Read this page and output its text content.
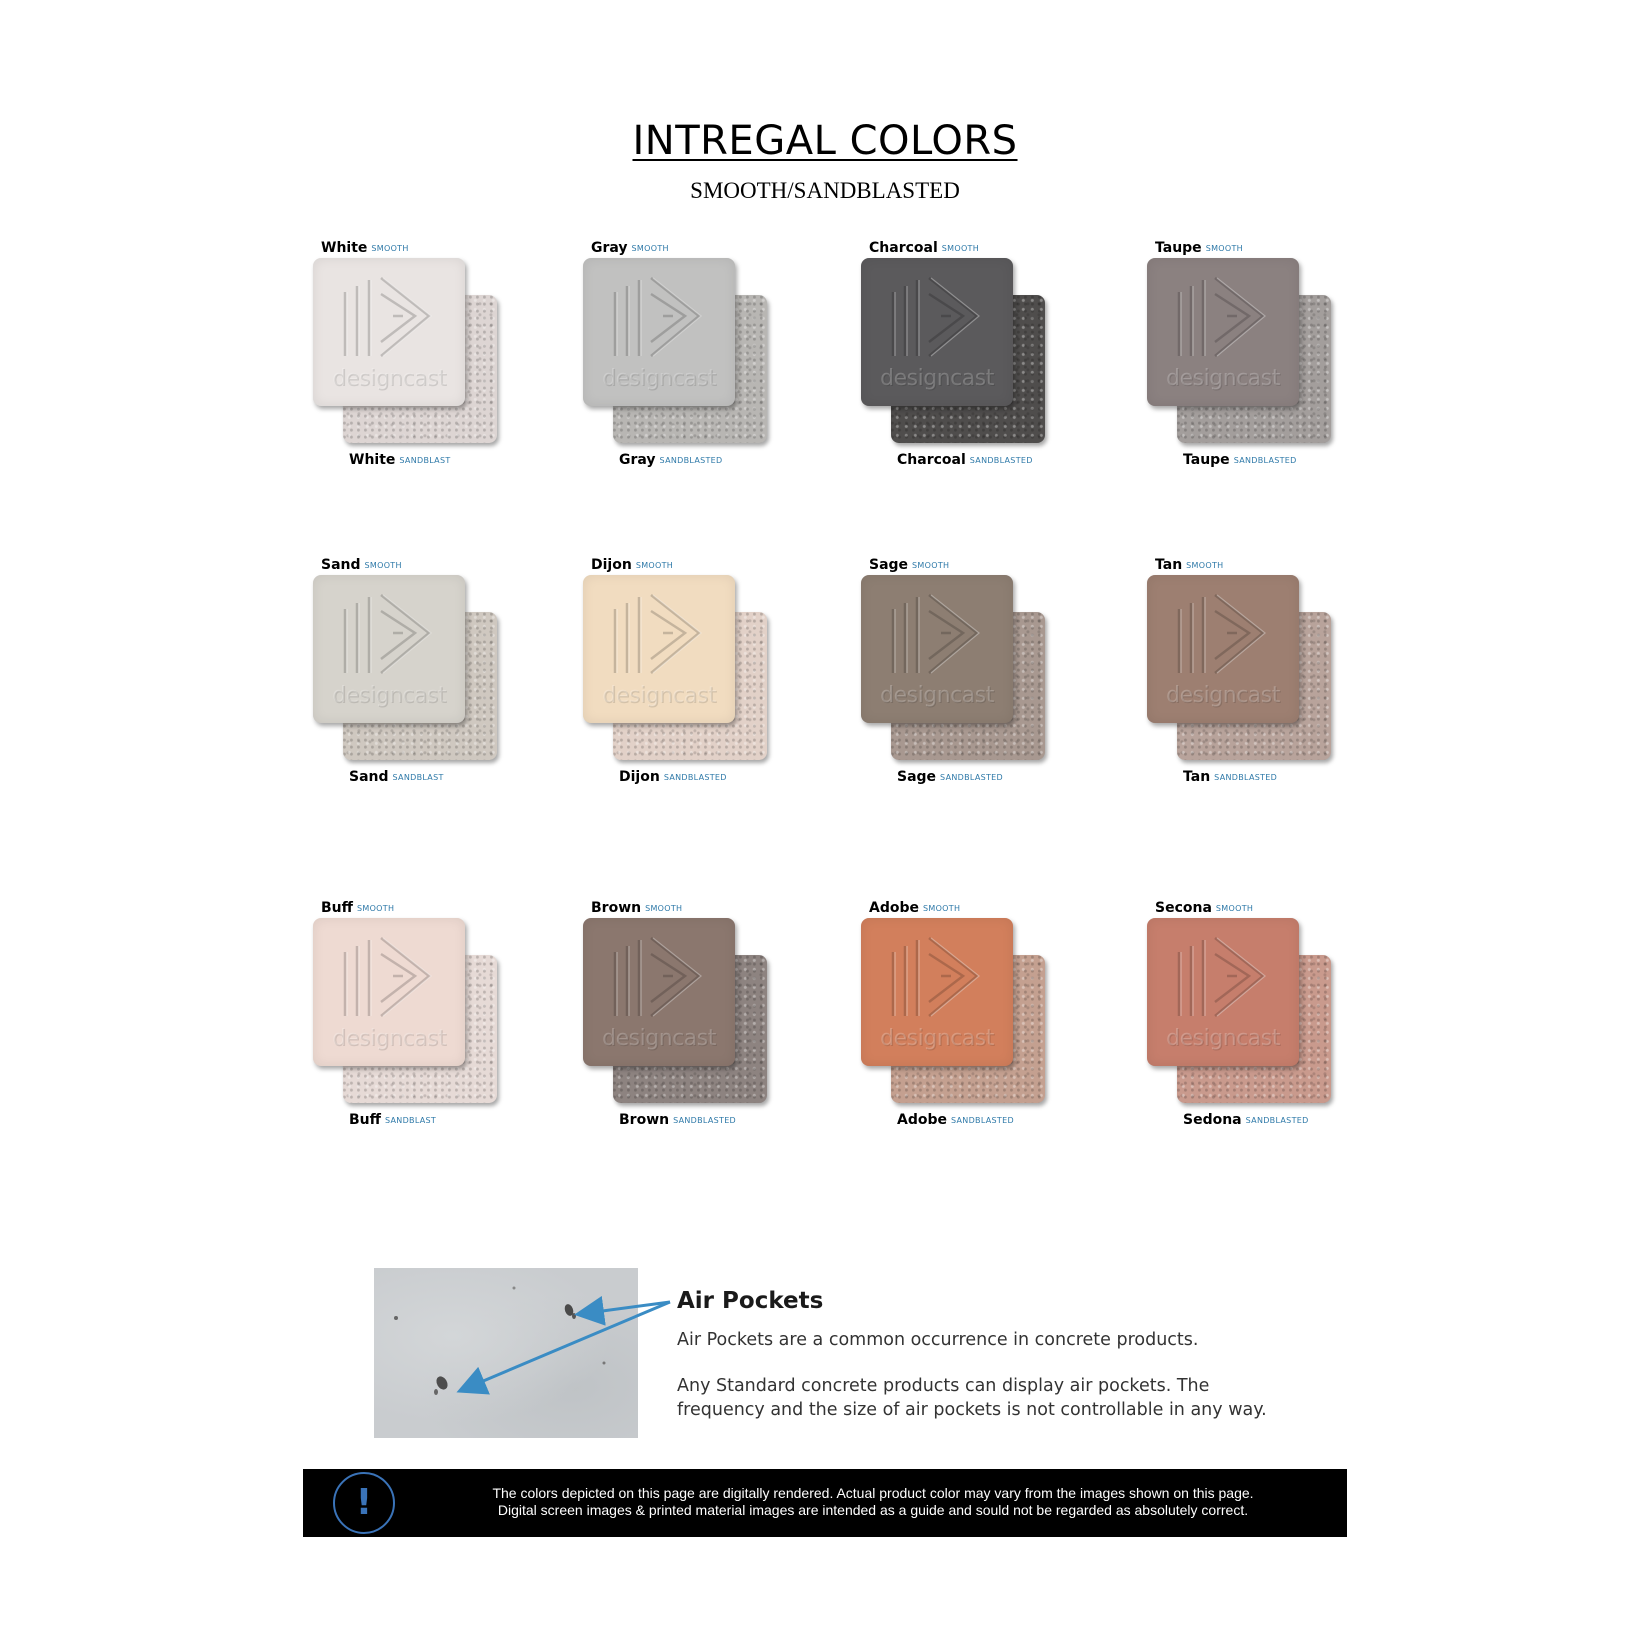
INTREGAL COLORS
SMOOTH/SANDBLASTED
White SMOOTH
designcast
White SANDBLAST
Gray SMOOTH
designcast
Gray SANDBLASTED
Charcoal SMOOTH
designcast
Charcoal SANDBLASTED
Taupe SMOOTH
designcast
Taupe SANDBLASTED
Sand SMOOTH
designcast
Sand SANDBLAST
Dijon SMOOTH
designcast
Dijon SANDBLASTED
Sage SMOOTH
designcast
Sage SANDBLASTED
Tan SMOOTH
designcast
Tan SANDBLASTED
Buff SMOOTH
designcast
Buff SANDBLAST
Brown SMOOTH
designcast
Brown SANDBLASTED
Adobe SMOOTH
designcast
Adobe SANDBLASTED
Secona SMOOTH
designcast
Sedona SANDBLASTED
Air Pockets
Air Pockets are a common occurrence in concrete products.
Any Standard concrete products can display air pockets. The frequency and the size of air pockets is not controllable in any way.
!	The colors depicted on this page are digitally rendered. Actual product color may vary from the images shown on this page.
Digital screen images & printed material images are intended as a guide and sould not be regarded as absolutely correct.
